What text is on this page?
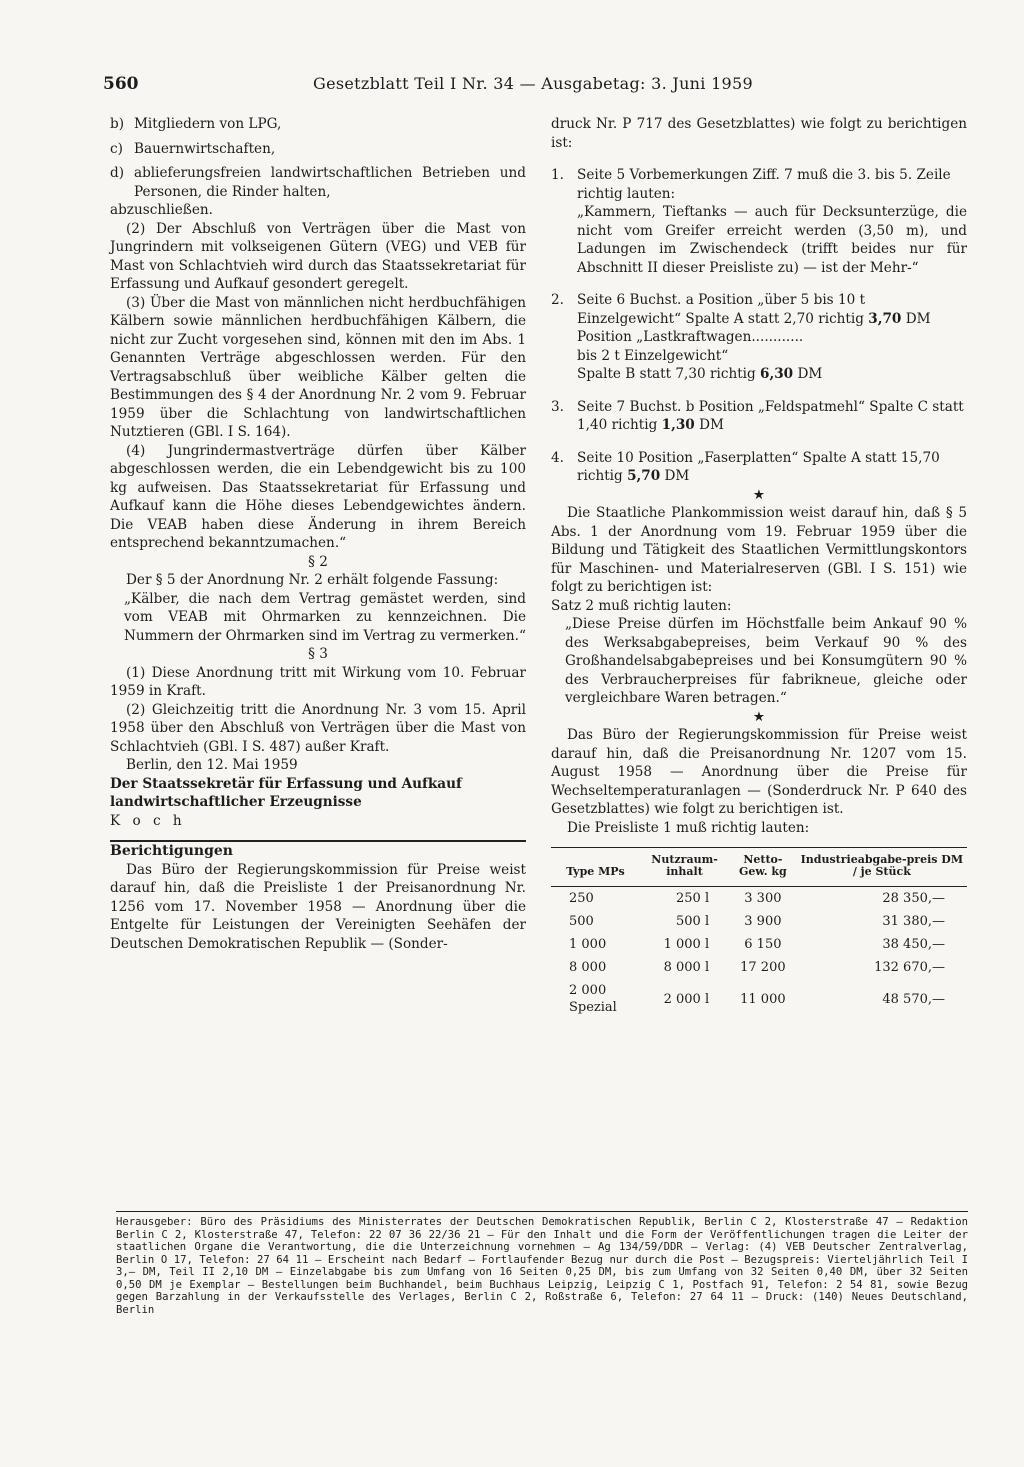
560	Gesetzblatt Teil I Nr. 34 — Ausgabetag: 3. Juni 1959
b) Mitgliedern von LPG,
c) Bauernwirtschaften,
d) ablieferungsfreien landwirtschaftlichen Betrieben und Personen, die Rinder halten,

abzuschließen.

(2) Der Abschluß von Verträgen über die Mast von Jungrindern mit volkseigenen Gütern (VEG) und VEB für Mast von Schlachtvieh wird durch das Staatssekretariat für Erfassung und Aufkauf gesondert geregelt.

(3) Über die Mast von männlichen nicht herdbuchfähigen Kälbern sowie männlichen herdbuchfähigen Kälbern, die nicht zur Zucht vorgesehen sind, können mit den im Abs. 1 Genannten Verträge abgeschlossen werden. Für den Vertragsabschluß über weibliche Kälber gelten die Bestimmungen des § 4 der Anordnung Nr. 2 vom 9. Februar 1959 über die Schlachtung von landwirtschaftlichen Nutztieren (GBl. I S. 164).

(4) Jungrindermastverträge dürfen über Kälber abgeschlossen werden, die ein Lebendgewicht bis zu 100 kg aufweisen. Das Staatssekretariat für Erfassung und Aufkauf kann die Höhe dieses Lebendgewichtes ändern. Die VEAB haben diese Änderung in ihrem Bereich entsprechend bekanntzumachen.“

§ 2

Der § 5 der Anordnung Nr. 2 erhält folgende Fassung:

„Kälber, die nach dem Vertrag gemästet werden, sind vom VEAB mit Ohrmarken zu kennzeichnen. Die Nummern der Ohrmarken sind im Vertrag zu vermerken.“

§ 3

(1) Diese Anordnung tritt mit Wirkung vom 10. Februar 1959 in Kraft.

(2) Gleichzeitig tritt die Anordnung Nr. 3 vom 15. April 1958 über den Abschluß von Verträgen über die Mast von Schlachtvieh (GBl. I S. 487) außer Kraft.

Berlin, den 12. Mai 1959

Der Staatssekretär für Erfassung und Aufkauf

landwirtschaftlicher Erzeugnisse

K o c h

Berichtigungen

Das Büro der Regierungskommission für Preise weist darauf hin, daß die Preisliste 1 der Preisanordnung Nr. 1256 vom 17. November 1958 — Anordnung über die Entgelte für Leistungen der Vereinigten Seehäfen der Deutschen Demokratischen Republik — (Sonder-

druck Nr. P 717 des Gesetzblattes) wie folgt zu berichtigen ist:

1. Seite 5 Vorbemerkungen Ziff. 7 muß die 3. bis 5. Zeile richtig lauten:

„Kammern, Tieftanks — auch für Decksunterzüge, die nicht vom Greifer erreicht werden (3,50 m), und Ladungen im Zwischendeck (trifft beides nur für Abschnitt II dieser Preisliste zu) — ist der Mehr-“

2. Seite 6 Buchst. a Position „über 5 bis 10 t Einzelgewicht“ Spalte A statt 2,70 richtig 3,70 DM

Position „Lastkraftwagen............

bis 2 t Einzelgewicht“

Spalte B statt 7,30 richtig 6,30 DM

3. Seite 7 Buchst. b Position „Feldspatmehl“ Spalte C statt 1,40 richtig 1,30 DM
4. Seite 10 Position „Faserplatten“ Spalte A statt 15,70 richtig 5,70 DM

★

Die Staatliche Plankommission weist darauf hin, daß § 5 Abs. 1 der Anordnung vom 19. Februar 1959 über die Bildung und Tätigkeit des Staatlichen Vermittlungskontors für Maschinen- und Materialreserven (GBl. I S. 151) wie folgt zu berichtigen ist:

Satz 2 muß richtig lauten:

„Diese Preise dürfen im Höchstfalle beim Ankauf 90 % des Werksabgabepreises, beim Verkauf 90 % des Großhandelsabgabepreises und bei Konsumgütern 90 % des Verbraucherpreises für fabrikneue, gleiche oder vergleichbare Waren betragen.“

★

Das Büro der Regierungskommission für Preise weist darauf hin, daß die Preisanordnung Nr. 1207 vom 15. August 1958 — Anordnung über die Preise für Wechseltemperaturanlagen — (Sonderdruck Nr. P 640 des Gesetzblattes) wie folgt zu berichtigen ist.

Die Preisliste 1 muß richtig lauten:

Type MPs	Nutzraum-inhalt	Netto-Gew. kg	Industrieabgabe-preis DM / je Stück
250	250 l	3 300	28 350,—
500	500 l	3 900	31 380,—
1 000	1 000 l	6 150	38 450,—
8 000	8 000 l	17 200	132 670,—
2 000 Spezial	2 000 l	11 000	48 570,—
Herausgeber: Büro des Präsidiums des Ministerrates der Deutschen Demokratischen Republik, Berlin C 2, Klosterstraße 47 — Redaktion Berlin C 2, Klosterstraße 47, Telefon: 22 07 36 22/36 21 — Für den Inhalt und die Form der Veröffentlichungen tragen die Leiter der staatlichen Organe die Verantwortung, die die Unterzeichnung vornehmen — Ag 134/59/DDR — Verlag: (4) VEB Deutscher Zentralverlag, Berlin O 17, Telefon: 27 64 11 — Erscheint nach Bedarf — Fortlaufender Bezug nur durch die Post — Bezugspreis: Vierteljährlich Teil I 3,— DM, Teil II 2,10 DM — Einzelabgabe bis zum Umfang von 16 Seiten 0,25 DM, bis zum Umfang von 32 Seiten 0,40 DM, über 32 Seiten 0,50 DM je Exemplar — Bestellungen beim Buchhandel, beim Buchhaus Leipzig, Leipzig C 1, Postfach 91, Telefon: 2 54 81, sowie Bezug gegen Barzahlung in der Verkaufsstelle des Verlages, Berlin C 2, Roßstraße 6, Telefon: 27 64 11 — Druck: (140) Neues Deutschland, Berlin
